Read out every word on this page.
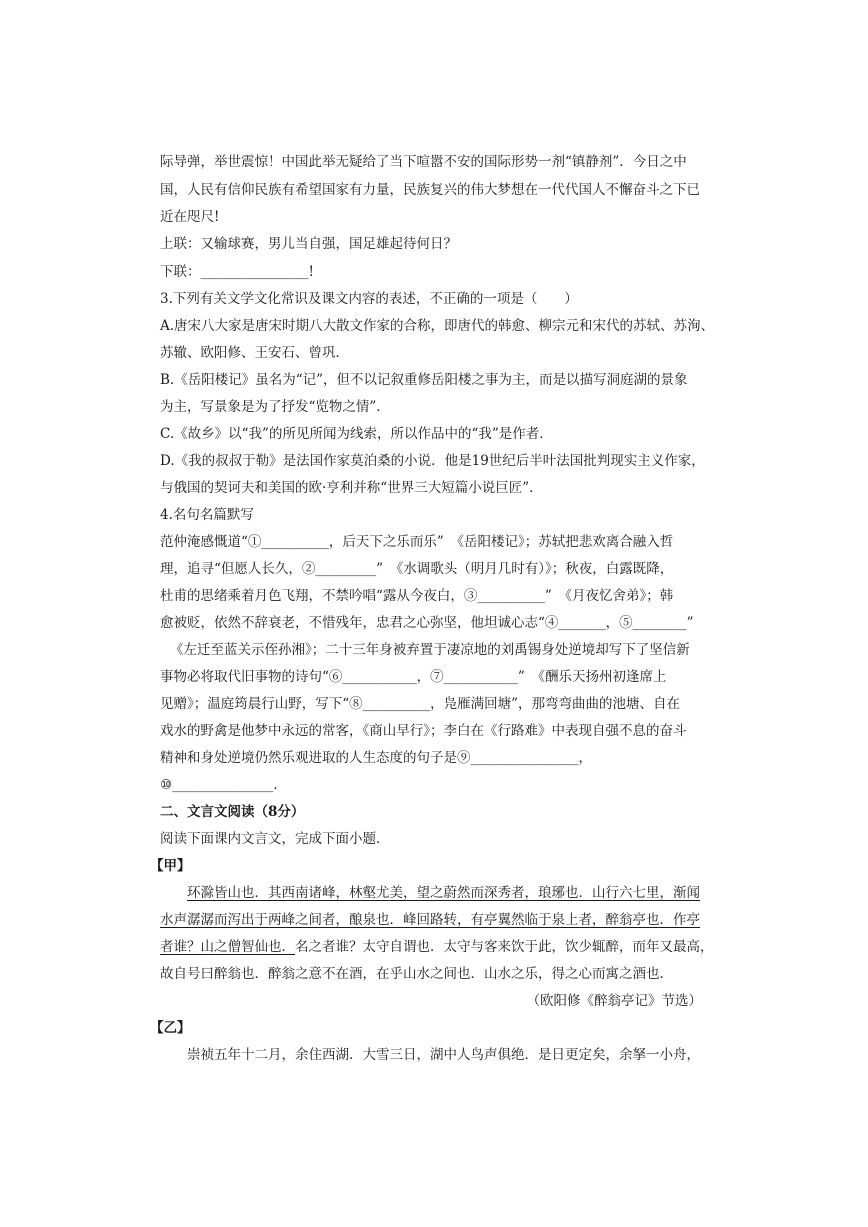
际导弹，举世震惊！中国此举无疑给了当下喧嚣不安的国际形势一剂“镇静剂”．今日之中
国，人民有信仰民族有希望国家有力量，民族复兴的伟大梦想在一代代国人不懈奋斗之下已
近在咫尺!
上联：又输球赛，男儿当自强，国足雄起待何日？
下联：________________!
3.下列有关文学文化常识及课文内容的表述，不正确的一项是（　　）
A.唐宋八大家是唐宋时期八大散文作家的合称，即唐代的韩愈、柳宗元和宋代的苏轼、苏洵、
苏辙、欧阳修、王安石、曾巩．
B.《岳阳楼记》虽名为“记”，但不以记叙重修岳阳楼之事为主，而是以描写洞庭湖的景象
为主，写景象是为了抒发“览物之情”．
C.《故乡》以“我”的所见所闻为线索，所以作品中的“我”是作者．
D.《我的叔叔于勒》是法国作家莫泊桑的小说．他是19世纪后半叶法国批判现实主义作家，
与俄国的契诃夫和美国的欧·亨利并称“世界三大短篇小说巨匠”．
4.名句名篇默写
范仲淹感慨道“①__________，后天下之乐而乐”　《岳阳楼记》；苏轼把悲欢离合融入哲
理，追寻“但愿人长久，②_________”　《水调歌头（明月几时有）》；秋夜，白露既降，
杜甫的思绪乘着月色飞翔，不禁吟唱“露从今夜白，③__________”　《月夜忆舍弟》；韩
愈被贬，依然不辞衰老，不惜残年，忠君之心弥坚，他坦诚心志“④_______，⑤________”
《左迁至蓝关示侄孙湘》；二十三年身被弃置于凄凉地的刘禹锡身处逆境却写下了坚信新
事物必将取代旧事物的诗句“⑥___________，⑦___________”　《酬乐天扬州初逢席上
见赠》；温庭筠晨行山野，写下“⑧__________，凫雁满回塘”，那弯弯曲曲的池塘、自在
戏水的野禽是他梦中永远的常客，《商山早行》；李白在《行路难》中表现自强不息的奋斗
精神和身处逆境仍然乐观进取的人生态度的句子是⑨________________，
⑩_______________．
二、文言文阅读（8分）
阅读下面课内文言文，完成下面小题．
【甲】
环滁皆山也．其西南诸峰，林壑尤美，望之蔚然而深秀者，琅琊也．山行六七里，渐闻
水声潺潺而泻出于两峰之间者，酿泉也．峰回路转，有亭翼然临于泉上者，醉翁亭也．作亭
者谁？山之僧智仙也．名之者谁？太守自谓也．太守与客来饮于此，饮少辄醉，而年又最高，
故自号曰醉翁也．醉翁之意不在酒，在乎山水之间也．山水之乐，得之心而寓之酒也．
（欧阳修《醉翁亭记》节选）
【乙】
崇祯五年十二月，余住西湖．大雪三日，湖中人鸟声俱绝．是日更定矣，余拏一小舟，
